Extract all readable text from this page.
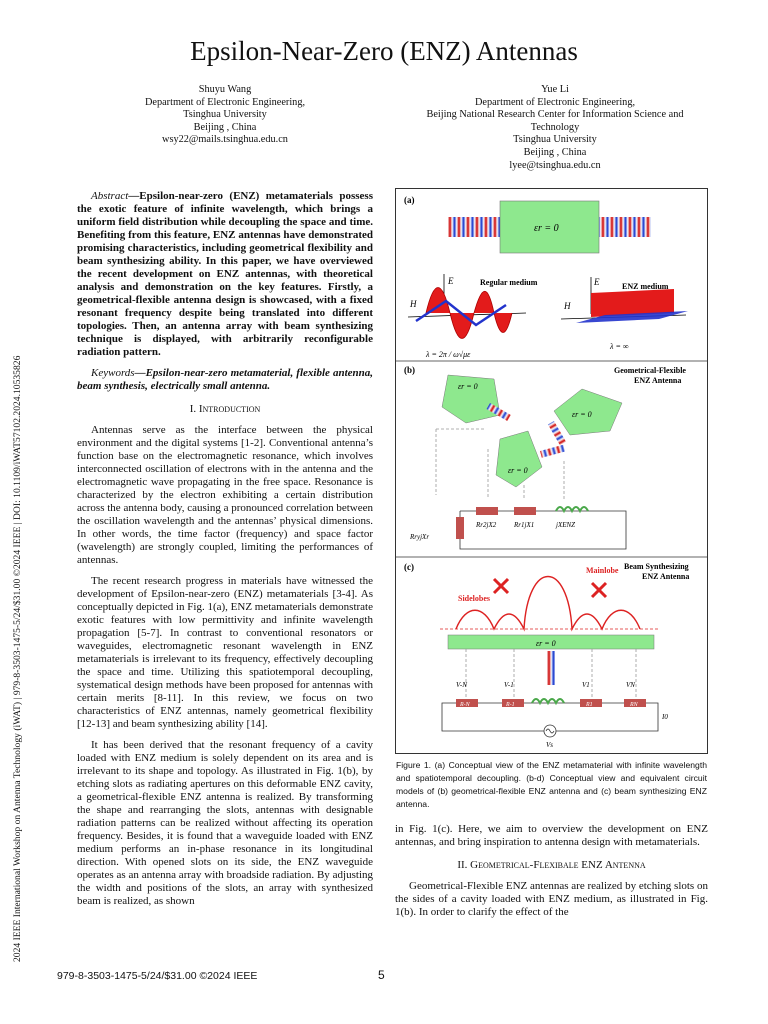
Epsilon-Near-Zero (ENZ) Antennas
Shuyu Wang
Department of Electronic Engineering,
Tsinghua University
Beijing , China
wsy22@mails.tsinghua.edu.cn
Yue Li
Department of Electronic Engineering,
Beijing National Research Center for Information Science and
Technology
Tsinghua University
Beijing , China
lyee@tsinghua.edu.cn
2024 IEEE International Workshop on Antenna Technology (iWAT) | 979-8-3503-1475-5/24/$31.00 ©2024 IEEE | DOI: 10.1109/iWAT57102.2024.10535826

Abstract—Epsilon-near-zero (ENZ) metamaterials possess the exotic feature of infinite wavelength, which brings a uniform field distribution while decoupling the space and time. Benefiting from this feature, ENZ antennas have demonstrated promising characteristics, including geometrical flexibility and beam synthesizing ability. In this paper, we have overviewed the recent development on ENZ antennas, with theoretical analysis and demonstration on the key features. Firstly, a geometrical-flexible antenna design is showcased, with a fixed resonant frequency despite being translated into different topologies. Then, an antenna array with beam synthesizing technique is displayed, with arbitrarily reconfigurable radiation pattern.

Keywords—Epsilon-near-zero metamaterial, flexible antenna, beam synthesis, electrically small antenna.

I. Introduction

Antennas serve as the interface between the physical environment and the digital systems [1-2]. Conventional antenna’s function base on the electromagnetic resonance, which involves interconnected oscillation of electrons with in the antenna and the electromagnetic wave propagating in the free space. Resonance is characterized by the electron exhibiting a certain distribution across the antenna body, causing a pronounced correlation between the oscillation wavelength and the antennas’ physical dimensions. In other words, the time factor (frequency) and space factor (wavelength) are strongly coupled, limiting the performances of antennas.

The recent research progress in materials have witnessed the development of Epsilon-near-zero (ENZ) metamaterials [3-4]. As conceptually depicted in Fig. 1(a), ENZ metamaterials demonstrate exotic features with low permittivity and infinite wavelength propagation [5-7]. In contrast to conventional resonators or waveguides, electromagnetic resonant wavelength in ENZ metamaterials is irrelevant to its frequency, effectively decoupling the space and time. Utilizing this spatiotemporal decoupling, systematical design methods have been proposed for antennas with certain merits [8-11]. In this review, we focus on two characteristics of ENZ antennas, namely geometrical flexibility [12-13] and beam synthesizing ability [14].

It has been derived that the resonant frequency of a cavity loaded with ENZ medium is solely dependent on its area and is irrelevant to its shape and topology. As illustrated in Fig. 1(b), by etching slots as radiating apertures on this deformable ENZ cavity, a geometrical-flexible ENZ antenna is realized. By transforming the shape and rearranging the slots, antennas with designable radiation patterns can be realized without affecting its operation frequency. Besides, it is found that a waveguide loaded with ENZ medium performs an in-phase resonance in its longitudinal direction. With opened slots on its side, the ENZ waveguide operates as an antenna array with broadside radiation. By adjusting the width and positions of the slots, an array with synthesized beam is realized, as shown

(a)
εr = 0
E
H
Regular medium
λ = 2π / ω√με
E
H
ENZ medium
λ = ∞
(b)	Geometrical-Flexible
ENZ Antenna
εr = 0
εr = 0
εr = 0
Rr2jX2	Rr1jX1	jXENZ
RryjXr
(c)	Beam Synthesizing
ENZ Antenna
Mainlobe
Sidelobes
εr = 0
V-N	V-1	V1	VN
R-N	R-1	R1	RN
Vs
I0
Figure 1. (a) Conceptual view of the ENZ metamaterial with infinite wavelength and spatiotemporal decoupling. (b-d) Conceptual view and equivalent circuit models of (b) geometrical-flexible ENZ antenna and (c) beam synthesizing ENZ antenna.

in Fig. 1(c). Here, we aim to overview the development on ENZ antennas, and bring inspiration to antenna design with metamaterials.

II. Geometrical-Flexibale ENZ Antenna

Geometrical-Flexible ENZ antennas are realized by etching slots on the sides of a cavity loaded with ENZ medium, as illustrated in Fig. 1(b). In order to clarify the effect of the

979-8-3503-1475-5/24/$31.00 ©2024 IEEE	5
